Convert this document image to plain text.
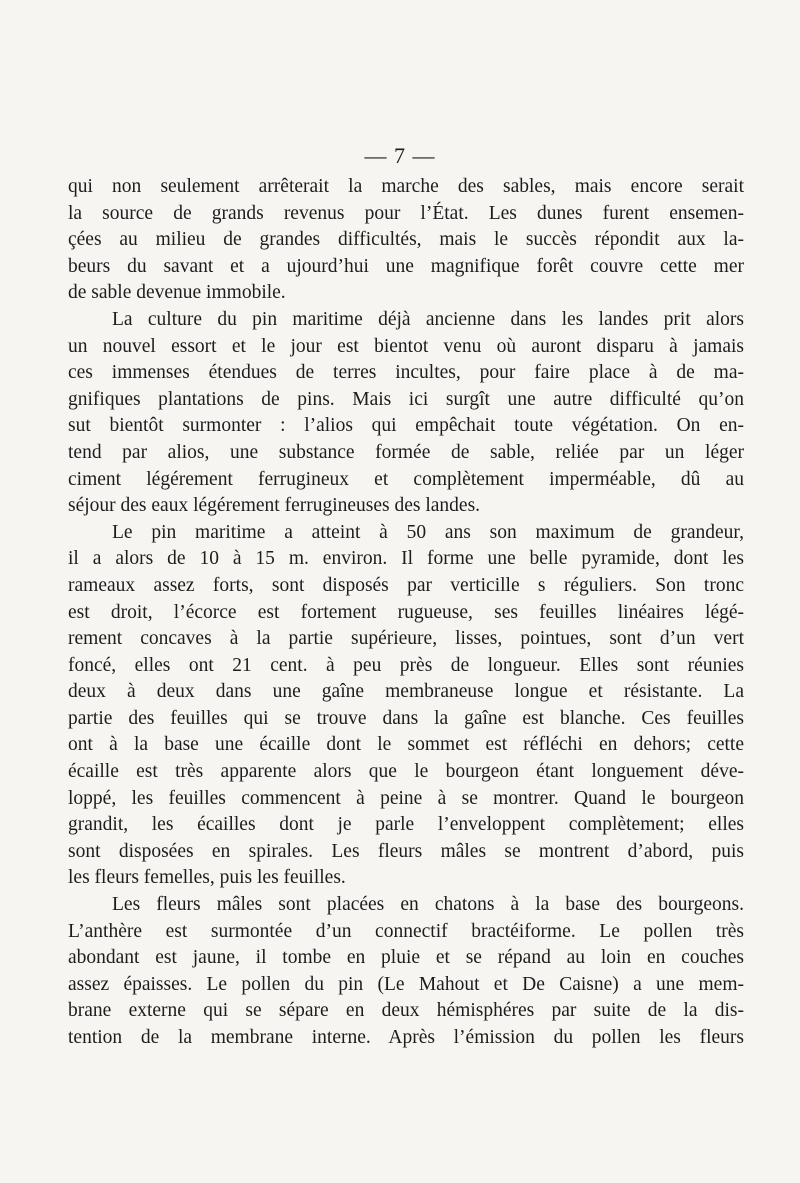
— 7 —
qui non seulement arrêterait la marche des sables, mais encore serait
la source de grands revenus pour l’État. Les dunes furent ensemen-
çées au milieu de grandes difficultés, mais le succès répondit aux la-
beurs du savant et a ujourd’hui une magnifique forêt couvre cette mer
de sable devenue immobile.
La culture du pin maritime déjà ancienne dans les landes prit alors
un nouvel essort et le jour est bientot venu où auront disparu à jamais
ces immenses étendues de terres incultes, pour faire place à de ma-
gnifiques plantations de pins. Mais ici surgît une autre difficulté qu’on
sut bientôt surmonter : l’alios qui empêchait toute végétation. On en-
tend par alios, une substance formée de sable, reliée par un léger
ciment légérement ferrugineux et complètement imperméable, dû au
séjour des eaux légérement ferrugineuses des landes.
Le pin maritime a atteint à 50 ans son maximum de grandeur,
il a alors de 10 à 15 m. environ. Il forme une belle pyramide, dont les
rameaux assez forts, sont disposés par verticille s réguliers. Son tronc
est droit, l’écorce est fortement rugueuse, ses feuilles linéaires légé-
rement concaves à la partie supérieure, lisses, pointues, sont d’un vert
foncé, elles ont 21 cent. à peu près de longueur. Elles sont réunies
deux à deux dans une gaîne membraneuse longue et résistante. La
partie des feuilles qui se trouve dans la gaîne est blanche. Ces feuilles
ont à la base une écaille dont le sommet est réfléchi en dehors; cette
écaille est très apparente alors que le bourgeon étant longuement déve-
loppé, les feuilles commencent à peine à se montrer. Quand le bourgeon
grandit, les écailles dont je parle l’enveloppent complètement; elles
sont disposées en spirales. Les fleurs mâles se montrent d’abord, puis
les fleurs femelles, puis les feuilles.
Les fleurs mâles sont placées en chatons à la base des bourgeons.
L’anthère est surmontée d’un connectif bractéiforme. Le pollen très
abondant est jaune, il tombe en pluie et se répand au loin en couches
assez épaisses. Le pollen du pin (Le Mahout et De Caisne) a une mem-
brane externe qui se sépare en deux hémisphéres par suite de la dis-
tention de la membrane interne. Après l’émission du pollen les fleurs
